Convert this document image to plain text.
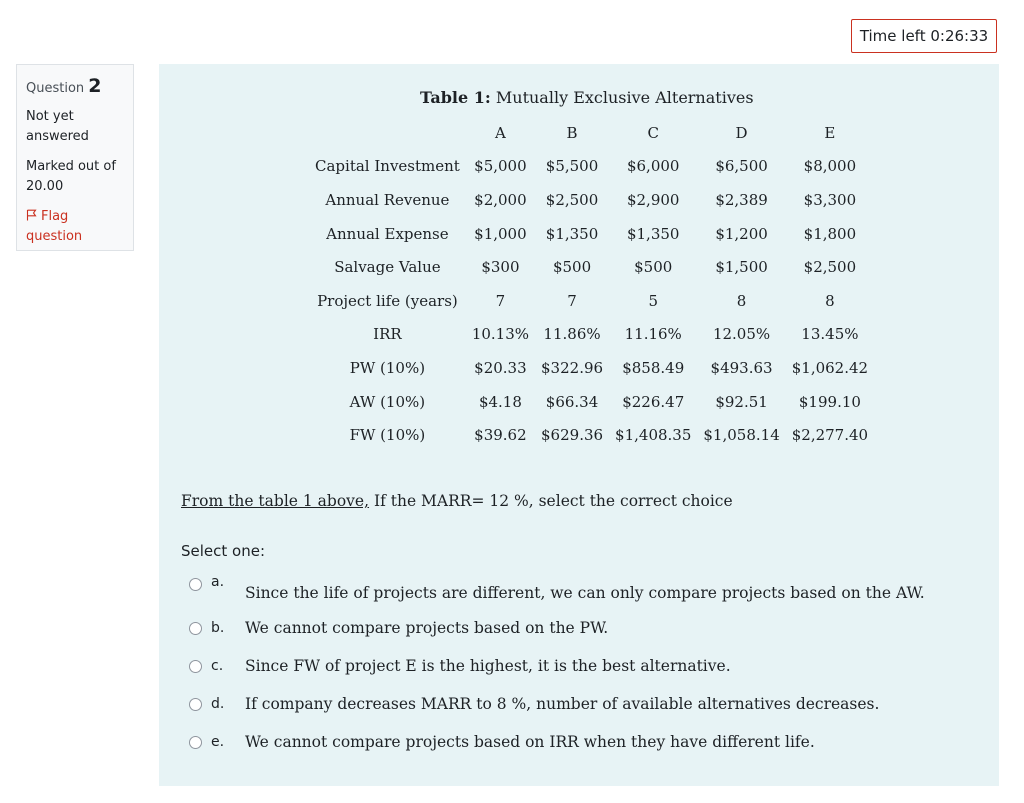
Time left 0:26:33
Question 2
Not yet answered
Marked out of 20.00
Flag question
Table 1: Mutually Exclusive Alternatives
	A	B	C	D	E
Capital Investment	$5,000	$5,500	$6,000	$6,500	$8,000
Annual Revenue	$2,000	$2,500	$2,900	$2,389	$3,300
Annual Expense	$1,000	$1,350	$1,350	$1,200	$1,800
Salvage Value	$300	$500	$500	$1,500	$2,500
Project life (years)	7	7	5	8	8
IRR	10.13%	11.86%	11.16%	12.05%	13.45%
PW (10%)	$20.33	$322.96	$858.49	$493.63	$1,062.42
AW (10%)	$4.18	$66.34	$226.47	$92.51	$199.10
FW (10%)	$39.62	$629.36	$1,408.35	$1,058.14	$2,277.40
From the table 1 above, If the MARR= 12 %, select the correct choice
Select one:
a.
Since the life of projects are different, we can only compare projects based on the AW.
b.	We cannot compare projects based on the PW.
c.	Since FW of project E is the highest, it is the best alternative.
d.	If company decreases MARR to 8 %, number of available alternatives decreases.
e.	We cannot compare projects based on IRR when they have different life.
